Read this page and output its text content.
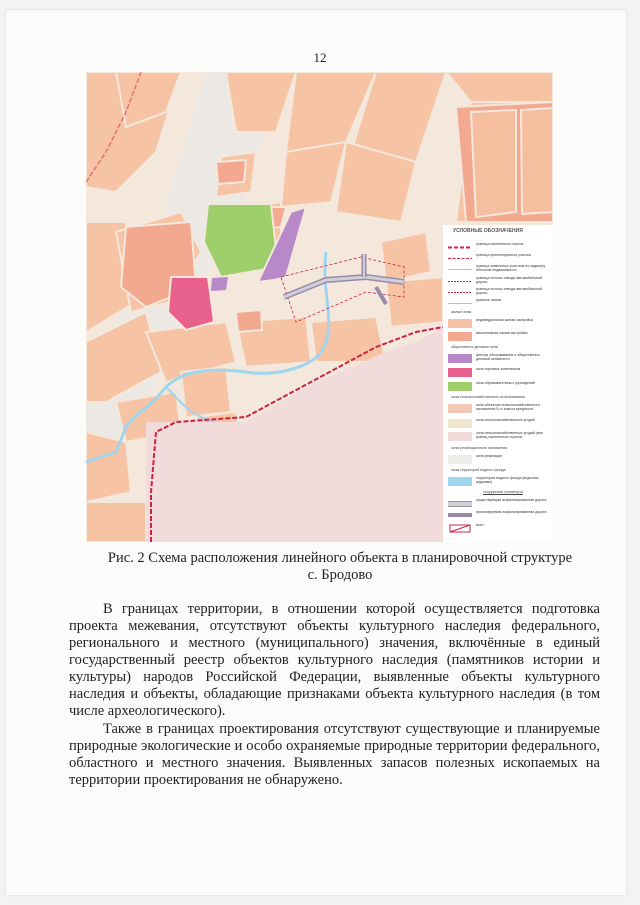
12
УСЛОВНЫЕ ОБОЗНАЧЕНИЯ
граница населенного пункта
граница проектируемого участка
граница земельных участков по кадастру объектов недвижимости
граница полосы отвода автомобильной дороги
граница полосы отвода автомобильной дороги
красные линии
жилые зоны
индивидуальная жилая застройка
малоэтажная жилая застройка
общественно-деловые зоны
центры обслуживания и общественно-деловой активности
зона торговых комплексов
зона образовательных учреждений
зоны сельскохозяйственного использования
зона объектов сельскохозяйственного назначения 5-го класса вредности
зона сельскохозяйственных угодий
зона сельскохозяйственных угодий (вне границ населенного пункта)
зоны рекреационного назначения
зона рекреации
зоны территорий водного фонда
территории водного фонда (водотоки, водоемы)
сооружения транспорта
существующая асфальтированная дорога
проектируемая асфальтированная дорога
мост
Рис. 2 Схема расположения линейного объекта в планировочной структуре
с. Бродово
В границах территории, в отношении которой осуществляется подготовка проекта межевания, отсутствуют объекты культурного наследия федерального, регионального и местного (муниципального) значения, включённые в единый государственный реестр объектов культурного наследия (памятников истории и культуры) народов Российской Федерации, выявленные объекты культурного наследия и объекты, обладающие признаками объекта культурного наследия (в том числе археологического).
Также в границах проектирования отсутствуют существующие и планируемые природные экологические и особо охраняемые природные территории федерального, областного и местного значения. Выявленных запасов полезных ископаемых на территории проектирования не обнаружено.
